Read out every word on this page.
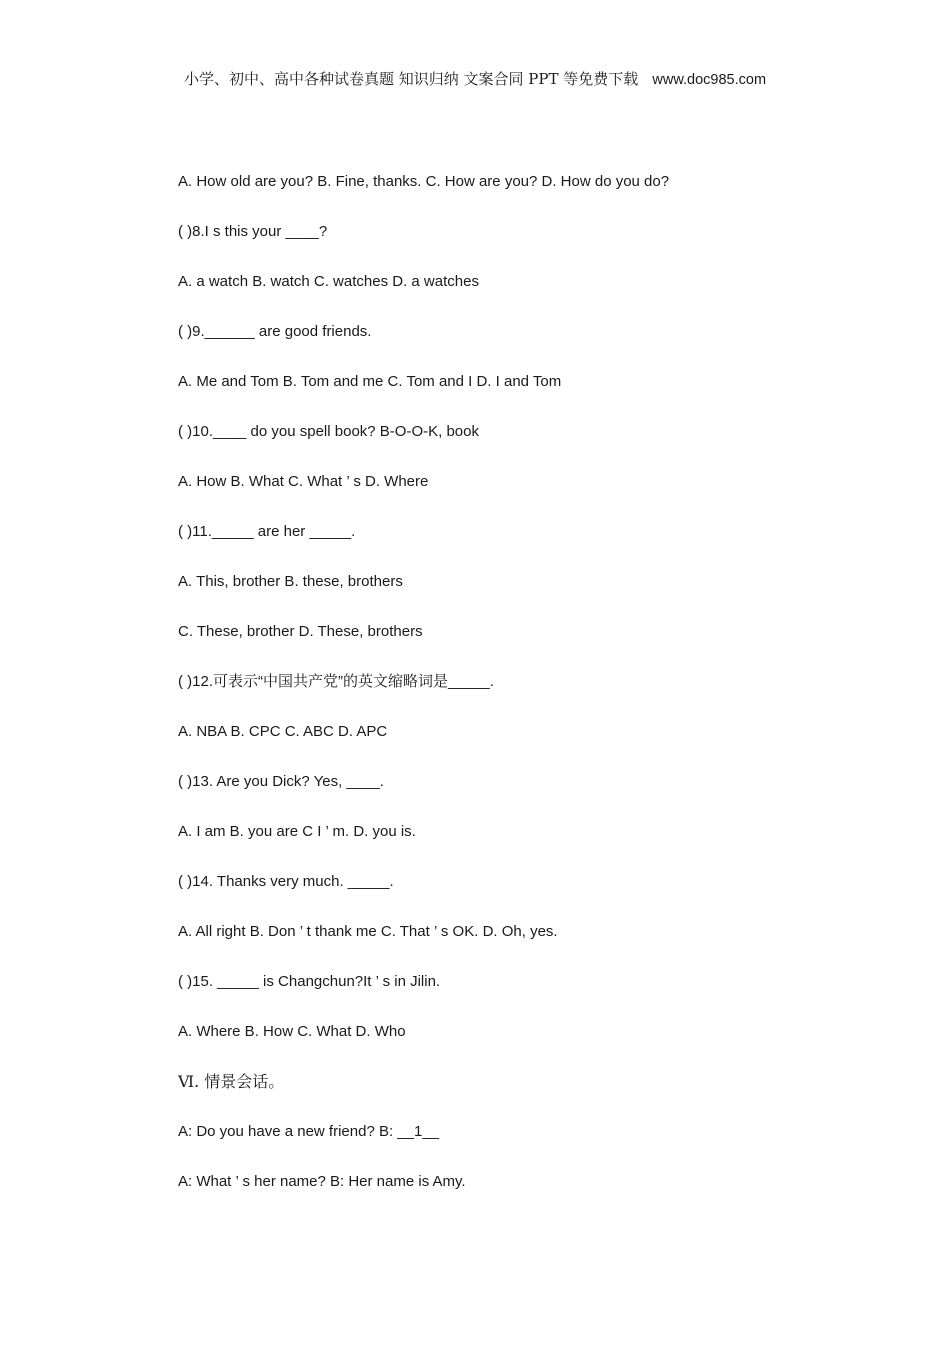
小学、初中、高中各种试卷真题 知识归纳 文案合同 PPT 等免费下载 www.doc985.com
A. How old are you? B. Fine, thanks. C. How are you? D. How do you do?
( )8.I s this your ____?
A. a watch B. watch C. watches D. a watches
( )9.______ are good friends.
A. Me and Tom B. Tom and me C. Tom and I D. I and Tom
( )10.____ do you spell book? B-O-O-K, book
A. How B. What C. What ’ s D. Where
( )11._____ are her _____.
A. This, brother B. these, brothers
C. These, brother D. These, brothers
( )12.可表示“中国共产党”的英文缩略词是_____.
A. NBA B. CPC C. ABC D. APC
( )13. Are you Dick? Yes, ____.
A. I am B. you are C I ’ m. D. you is.
( )14. Thanks very much. _____.
A. All right B. Don ’ t thank me C. That ’ s OK. D. Oh, yes.
( )15. _____ is Changchun?It ’ s in Jilin.
A. Where B. How C. What D. Who
Ⅵ. 情景会话。
A: Do you have a new friend? B: __1__
A: What ’ s her name? B: Her name is Amy.
